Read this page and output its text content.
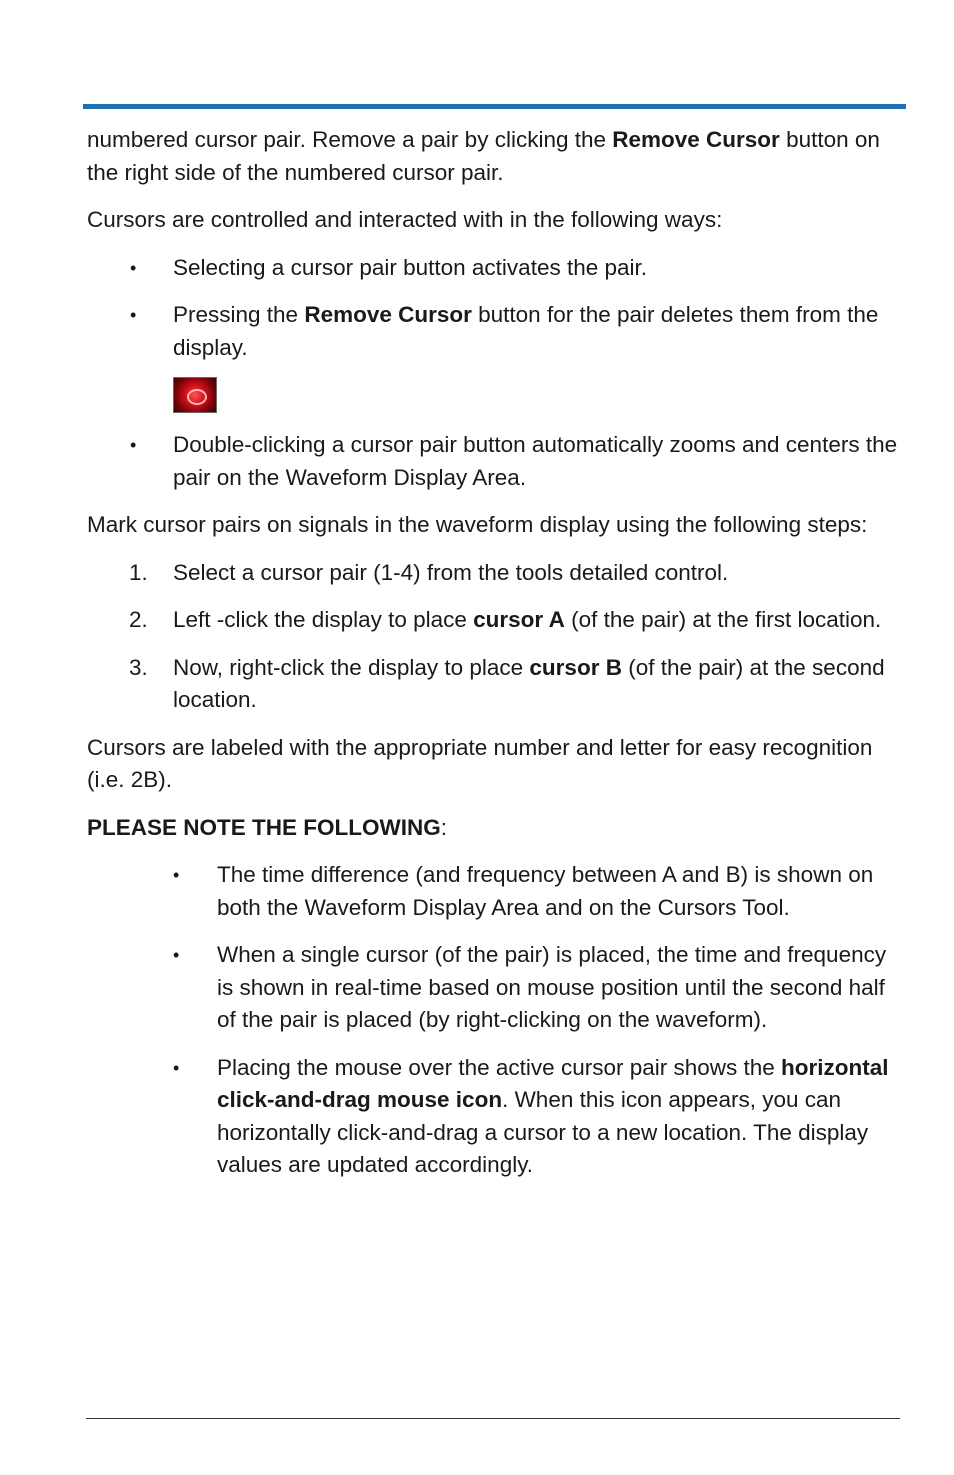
numbered cursor pair. Remove a pair by clicking the Remove Cursor button on the right side of the numbered cursor pair.

Cursors are controlled and interacted with in the following ways:

•	Selecting a cursor pair button activates the pair.
•	Pressing the Remove Cursor button for the pair deletes them from the display.
•	Double-clicking a cursor pair button automatically zooms and centers the pair on the Waveform Display Area.

Mark cursor pairs on signals in the waveform display using the following steps:

1.	Select a cursor pair (1-4) from the tools detailed control.
2.	Left -click the display to place cursor A (of the pair) at the first location.
3.	Now, right-click the display to place cursor B (of the pair) at the second location.

Cursors are labeled with the appropriate number and letter for easy recognition (i.e. 2B).

PLEASE NOTE THE FOLLOWING:

•	The time difference (and frequency between A and B) is shown on both the Waveform Display Area and on the Cursors Tool.
•	When a single cursor (of the pair) is placed, the time and frequency is shown in real-time based on mouse position until the second half of the pair is placed (by right-clicking on the waveform).
•	Placing the mouse over the active cursor pair shows the horizontal click-and-drag mouse icon. When this icon appears, you can horizontally click-and-drag a cursor to a new location. The display values are updated accordingly.
